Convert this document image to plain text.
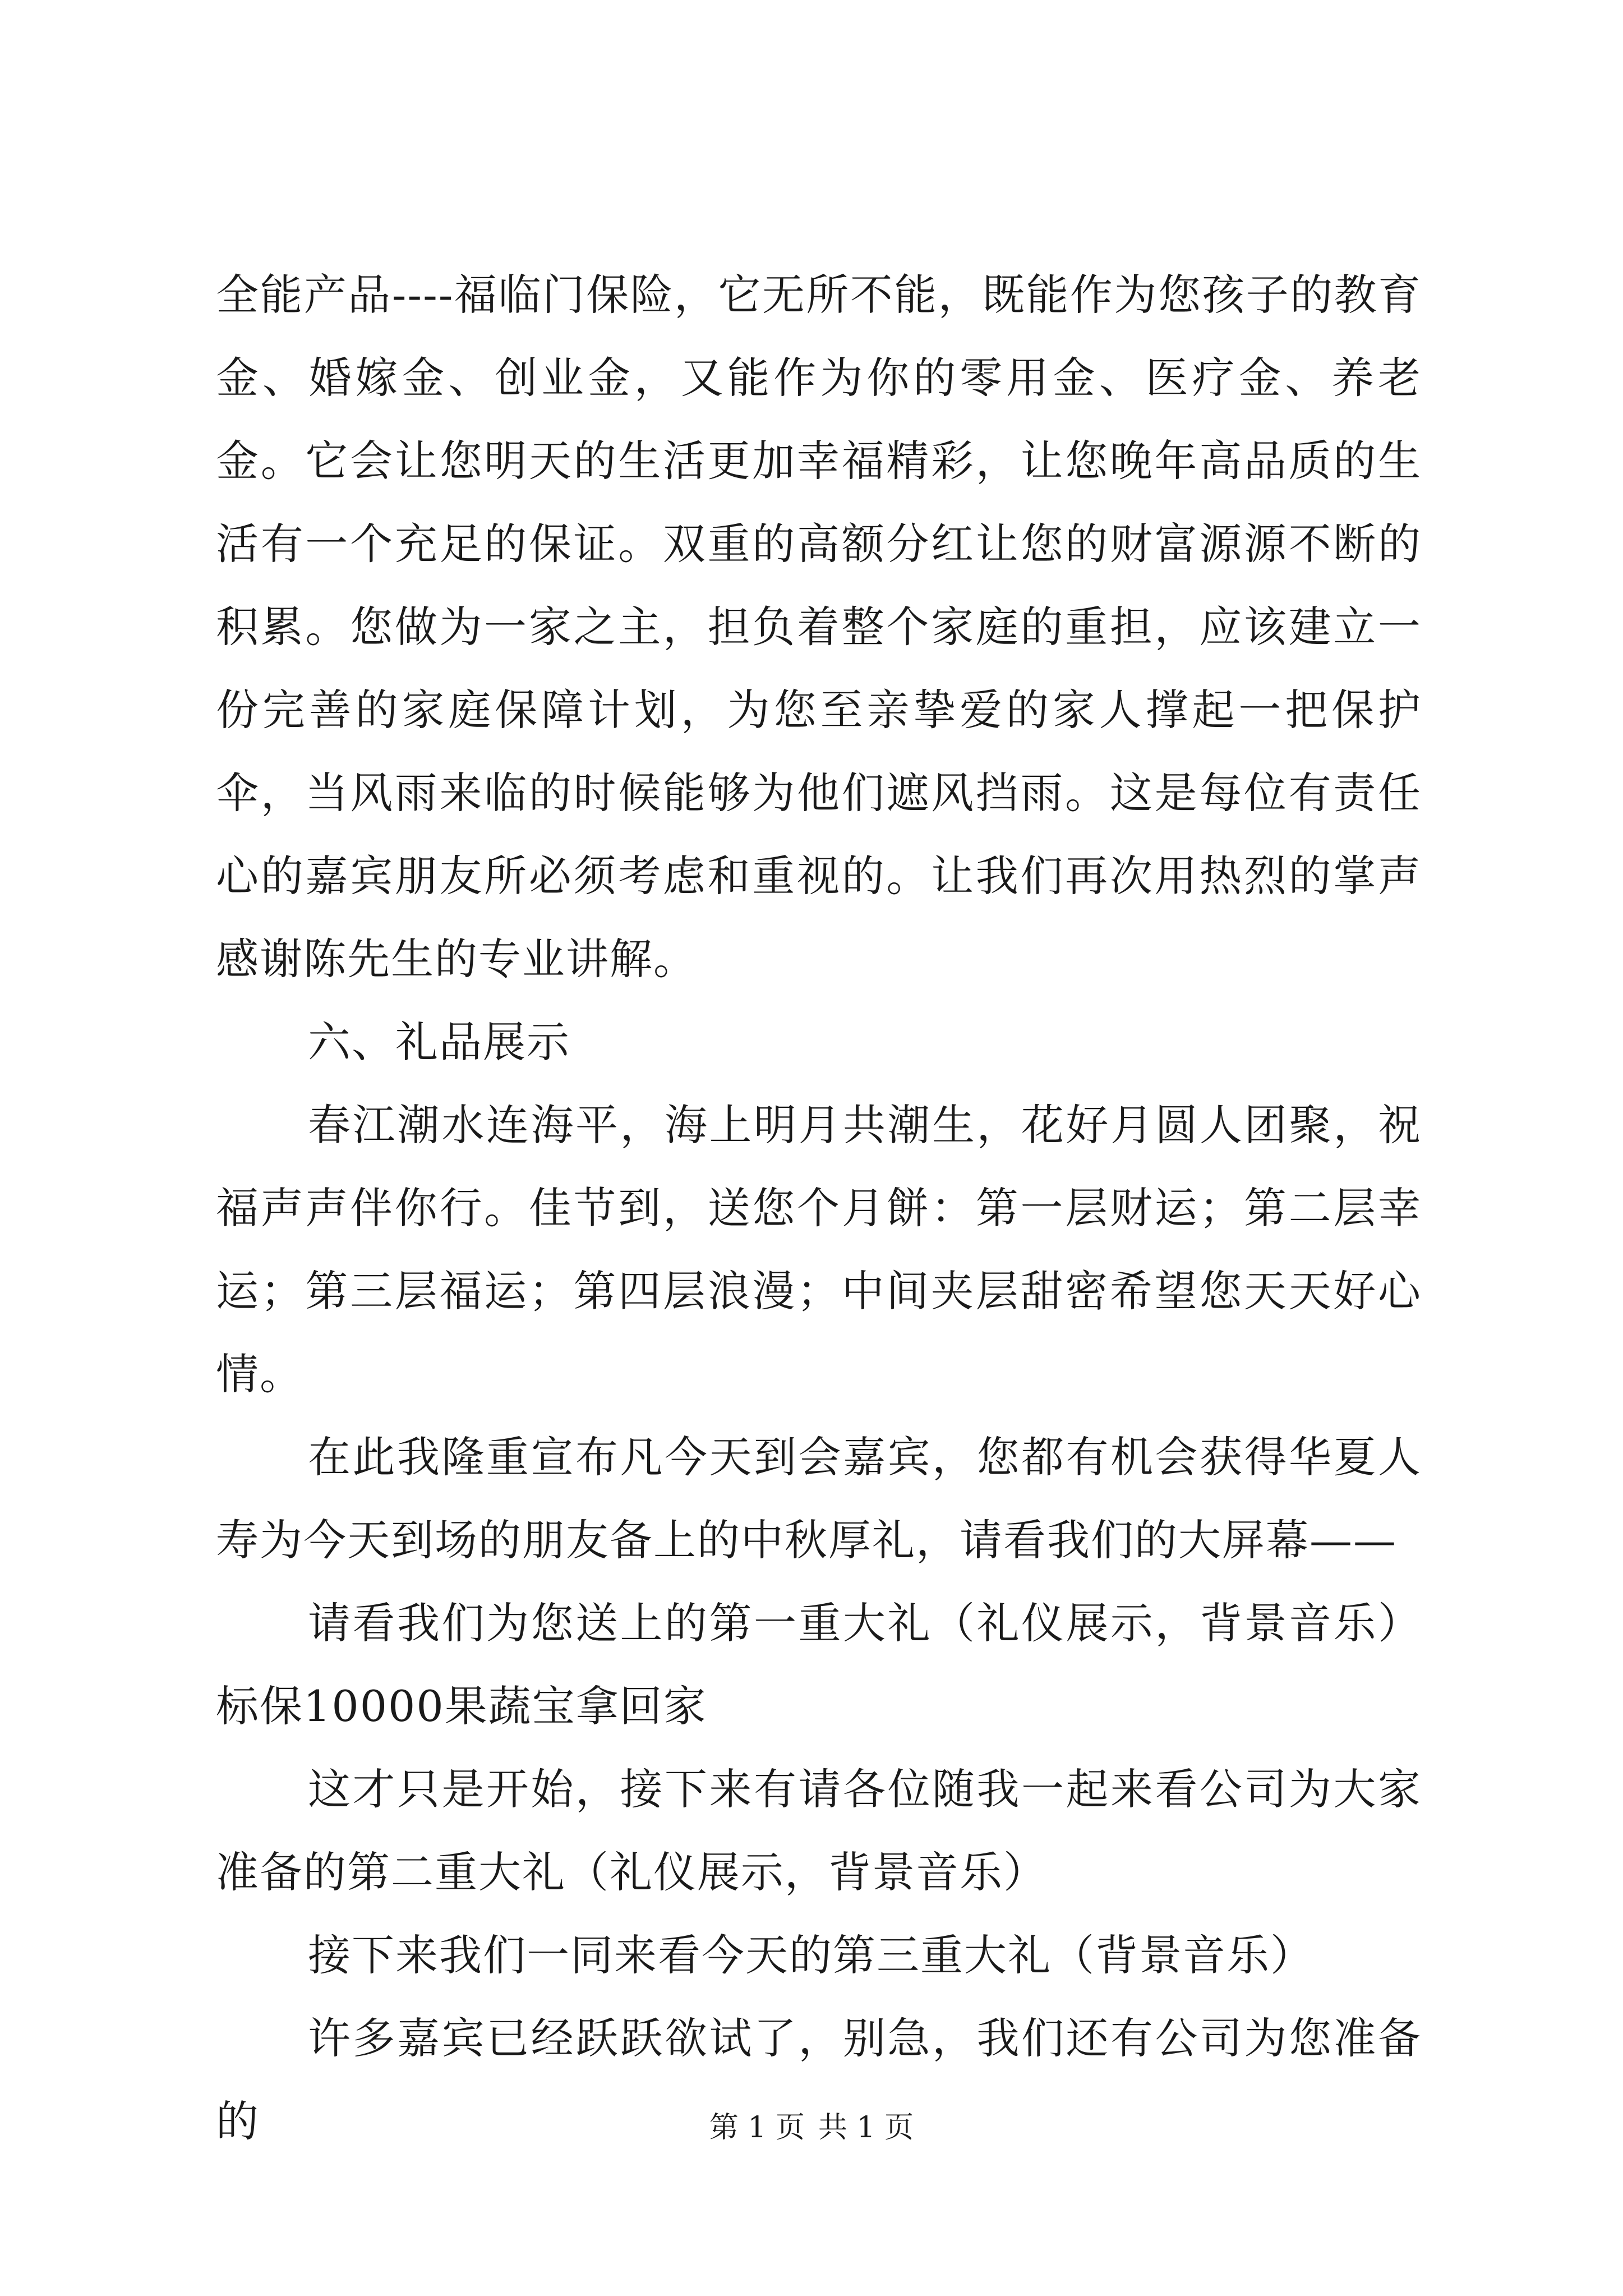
全能产品----福临门保险，它无所不能，既能作为您孩子的教育金、婚嫁金、创业金，又能作为你的零用金、医疗金、养老金。它会让您明天的生活更加幸福精彩，让您晚年高品质的生活有一个充足的保证。双重的高额分红让您的财富源源不断的积累。您做为一家之主，担负着整个家庭的重担，应该建立一份完善的家庭保障计划，为您至亲挚爱的家人撑起一把保护伞，当风雨来临的时候能够为他们遮风挡雨。这是每位有责任心的嘉宾朋友所必须考虑和重视的。让我们再次用热烈的掌声感谢陈先生的专业讲解。

六、礼品展示

春江潮水连海平，海上明月共潮生，花好月圆人团聚，祝福声声伴你行。佳节到，送您个月餅：第一层财运；第二层幸运；第三层福运；第四层浪漫；中间夹层甜密希望您天天好心情。

在此我隆重宣布凡今天到会嘉宾，您都有机会获得华夏人寿为今天到场的朋友备上的中秋厚礼，请看我们的大屏幕——

请看我们为您送上的第一重大礼（礼仪展示，背景音乐）标保10000果蔬宝拿回家

这才只是开始，接下来有请各位随我一起来看公司为大家准备的第二重大礼（礼仪展示，背景音乐）

接下来我们一同来看今天的第三重大礼（背景音乐）

许多嘉宾已经跃跃欲试了，别急，我们还有公司为您准备的	第 1 页 共 1 页
